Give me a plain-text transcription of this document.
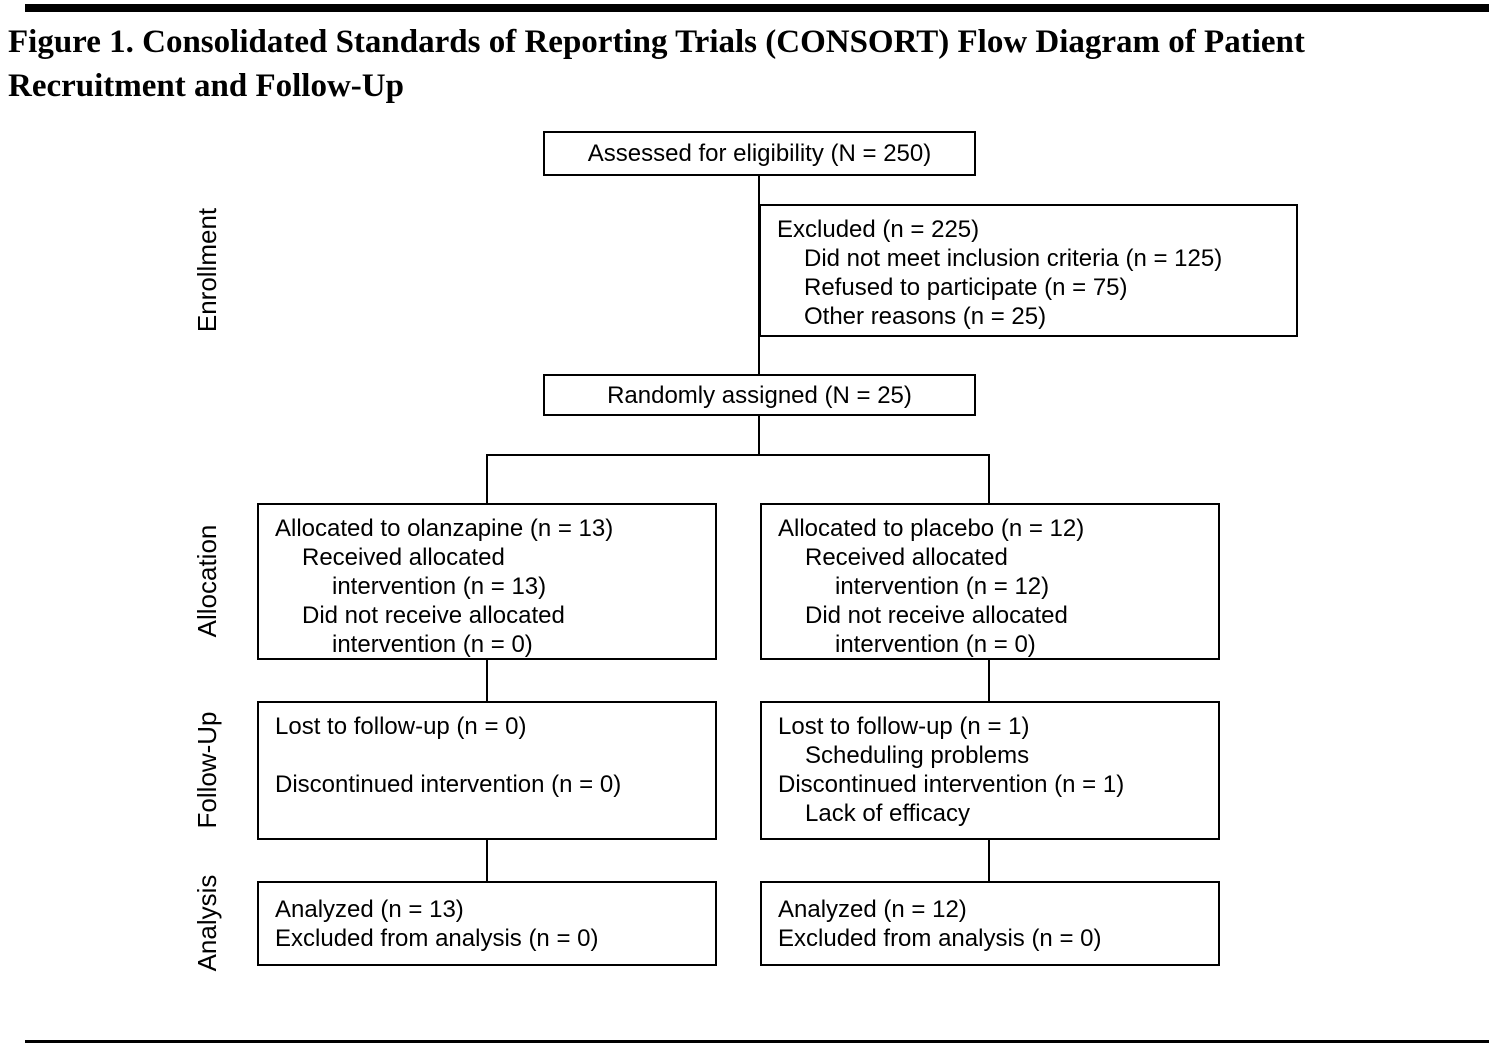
Figure 1. Consolidated Standards of Reporting Trials (CONSORT) Flow Diagram of Patient
Recruitment and Follow-Up
Enrollment
Allocation
Follow-Up
Analysis
Assessed for eligibility (N = 250)
Excluded (n = 225)
Did not meet inclusion criteria (n = 125)
Refused to participate (n = 75)
Other reasons (n = 25)
Randomly assigned (N = 25)
Allocated to olanzapine (n = 13)
Received allocated
intervention (n = 13)
Did not receive allocated
intervention (n = 0)
Allocated to placebo (n = 12)
Received allocated
intervention (n = 12)
Did not receive allocated
intervention (n = 0)
Lost to follow-up (n = 0)
Discontinued intervention (n = 0)
Lost to follow-up (n = 1)
Scheduling problems
Discontinued intervention (n = 1)
Lack of efficacy
Analyzed (n = 13)
Excluded from analysis (n = 0)
Analyzed (n = 12)
Excluded from analysis (n = 0)
